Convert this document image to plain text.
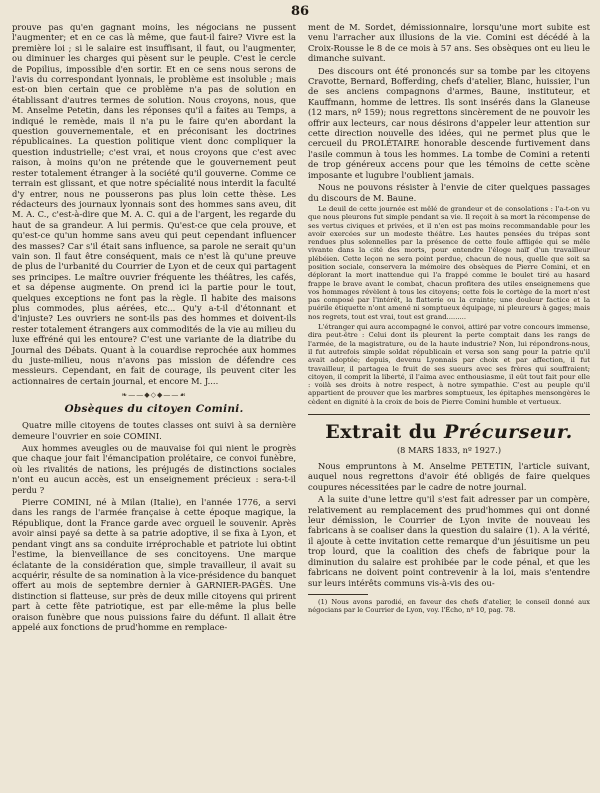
86

prouve pas qu'en gagnant moins, les négocians ne pussent l'augmenter; et en ce cas là même, que faut-il faire? Vivre est la première loi ; si le salaire est insuffisant, il faut, ou l'augmenter, ou diminuer les charges qui pèsent sur le peuple. C'est le cercle de Popilius, impossible d'en sortir. Et en ce sens nous serons de l'avis du correspondant lyonnais, le problème est insoluble ; mais est-on bien certain que ce problème n'a pas de solution en établissant d'autres termes de solution. Nous croyons, nous, que M. Anselme Petetin, dans les réponses qu'il a faites au Temps, a indiqué le remède, mais il n'a pu le faire qu'en abordant la question gouvernementale, et en préconisant les doctrines républicaines. La question politique vient donc compliquer la question industrielle; c'est vrai, et nous croyons que c'est avec raison, à moins qu'on ne prétende que le gouvernement peut rester totalement étranger à la société qu'il gouverne. Comme ce terrain est glissant, et que notre spécialité nous interdit la faculté d'y entrer, nous ne pousserons pas plus loin cette thèse. Les rédacteurs des journaux lyonnais sont des hommes sans aveu, dit M. A. C., c'est-à-dire que M. A. C. qui a de l'argent, les regarde du haut de sa grandeur. A lui permis. Qu'est-ce que cela prouve, et qu'est-ce qu'un homme sans aveu qui peut cependant influencer des masses? Car s'il était sans influence, sa parole ne serait qu'un vain son. Il faut être conséquent, mais ce n'est là qu'une preuve de plus de l'urbanité du Courrier de Lyon et de ceux qui partagent ses principes. Le maître ouvrier fréquente les théâtres, les cafés, et sa dépense augmente. On prend ici la partie pour le tout, quelques exceptions ne font pas la règle. Il habite des maisons plus commodes, plus aérées, etc... Qu'y a-t-il d'étonnant et d'injuste? Les ouvriers ne sont-ils pas des hommes et doivent-ils rester totalement étrangers aux commodités de la vie au milieu du luxe effréné qui les entoure? C'est une variante de la diatribe du Journal des Débats. Quant à la couardise reprochée aux hommes du juste-milieu, nous n'avons pas mission de défendre ces messieurs. Cependant, en fait de courage, ils peuvent citer les actionnaires de certain journal, et encore M. J....

❧——◆◇◆——☙
Obsèques du citoyen Comini.

Quatre mille citoyens de toutes classes ont suivi à sa dernière demeure l'ouvrier en soie COMINI.

Aux hommes aveugles ou de mauvaise foi qui nient le progrès que chaque jour fait l'émancipation prolétaire, ce convoi funèbre, où les rivalités de nations, les préjugés de distinctions sociales n'ont eu aucun accès, est un enseignement précieux : sera-t-il perdu ?

Pierre COMINI, né à Milan (Italie), en l'année 1776, a servi dans les rangs de l'armée française à cette époque magique, la République, dont la France garde avec orgueil le souvenir. Après avoir ainsi payé sa dette à sa patrie adoptive, il se fixa à Lyon, et pendant vingt ans sa conduite irréprochable et patriote lui obtint l'estime, la bienveillance de ses concitoyens. Une marque éclatante de la considération que, simple travailleur, il avait su acquérir, résulte de sa nomination à la vice-présidence du banquet offert au mois de septembre dernier à GARNIER-PAGÈS. Une distinction si flatteuse, sur près de deux mille citoyens qui prirent part à cette fête patriotique, est par elle-même la plus belle oraison funèbre que nous puissions faire du défunt. Il allait être appelé aux fonctions de prud'homme en remplace-

ment de M. Sordet, démissionnaire, lorsqu'une mort subite est venu l'arracher aux illusions de la vie. Comini est décédé à la Croix-Rousse le 8 de ce mois à 57 ans. Ses obsèques ont eu lieu le dimanche suivant.

Des discours ont été prononcés sur sa tombe par les citoyens Cravotte, Bernard, Bofferding, chefs d'atelier, Blanc, huissier, l'un de ses anciens compagnons d'armes, Baune, instituteur, et Kauffmann, homme de lettres. Ils sont insérés dans la Glaneuse (12 mars, nº 159); nous regrettons sincèrement de ne pouvoir les offrir aux lecteurs, car nous désirons d'appeler leur attention sur cette direction nouvelle des idées, qui ne permet plus que le cercueil du PROLÉTAIRE honorable descende furtivement dans l'asile commun à tous les hommes. La tombe de Comini a retenti de trop généreux accens pour que les témoins de cette scène imposante et lugubre l'oublient jamais.

Nous ne pouvons résister à l'envie de citer quelques passages du discours de M. Baune.

Le deuil de cette journée est mêlé de grandeur et de consolations : l'a-t-on vu que nous pleurons fut simple pendant sa vie. Il reçoit à sa mort la récompense de ses vertus civiques et privées, et il n'en est pas moins recommandable pour les avoir exercées sur un modeste théâtre. Les hautes pensées du trépas sont rendues plus solennelles par la présence de cette foule affligée qui se mêle vivante dans la cité des morts, pour entendre l'éloge naïf d'un travailleur plébéien. Cette leçon ne sera point perdue, chacun de nous, quelle que soit sa position sociale, conservera la mémoire des obsèques de Pierre Comini, et en déplorant la mort inattendue qui l'a frappé comme le boulet tiré au hasard frappe le brave avant le combat, chacun profitera des utiles enseignemens que vos hommages révèlent à tous les citoyens; cette fois le cortège de la mort n'est pas composé par l'intérêt, la flatterie ou la crainte; une douleur factice et la puérile étiquette n'ont amené ni somptueux équipage, ni pleureurs à gages; mais nos regrets, tout est vrai, tout est grand.........

L'étranger qui aura accompagné le convoi, attiré par votre concours immense, dira peut-être : Celui dont ils pleurent la perte comptait dans les rangs de l'armée, de la magistrature, ou de la haute industrie? Non, lui répondrons-nous, il fut autrefois simple soldat républicain et versa son sang pour la patrie qu'il avait adoptée; depuis, devenu Lyonnais par choix et par affection, il fut travailleur, il partagea le fruit de ses sueurs avec ses frères qui souffraient; citoyen, il comprit la liberté, il l'aima avec enthousiasme, il eût tout fait pour elle : voilà ses droits à notre respect, à notre sympathie. C'est au peuple qu'il appartient de prouver que les marbres somptueux, les épitaphes mensongères le cèdent en dignité à la croix de bois de Pierre Comini humble et vertueux.

Extrait du Précurseur.
(8 MARS 1833, nº 1927.)

Nous empruntons à M. Anselme PETETIN, l'article suivant, auquel nous regrettons d'avoir été obligés de faire quelques coupures nécessitées par le cadre de notre journal.

A la suite d'une lettre qu'il s'est fait adresser par un compère, relativement au remplacement des prud'hommes qui ont donné leur démission, le Courrier de Lyon invite de nouveau les fabricans à se coaliser dans la question du salaire (1). A la vérité, il ajoute à cette invitation cette remarque d'un jésuitisme un peu trop lourd, que la coalition des chefs de fabrique pour la diminution du salaire est prohibée par le code pénal, et que les fabricans ne doivent point contrevenir à la loi, mais s'entendre sur leurs intérêts communs vis-à-vis des ou-

(1) Nous avons parodié, en faveur des chefs d'atelier, le conseil donné aux négocians par le Courrier de Lyon, voy. l'Écho, nº 10, pag. 78.
